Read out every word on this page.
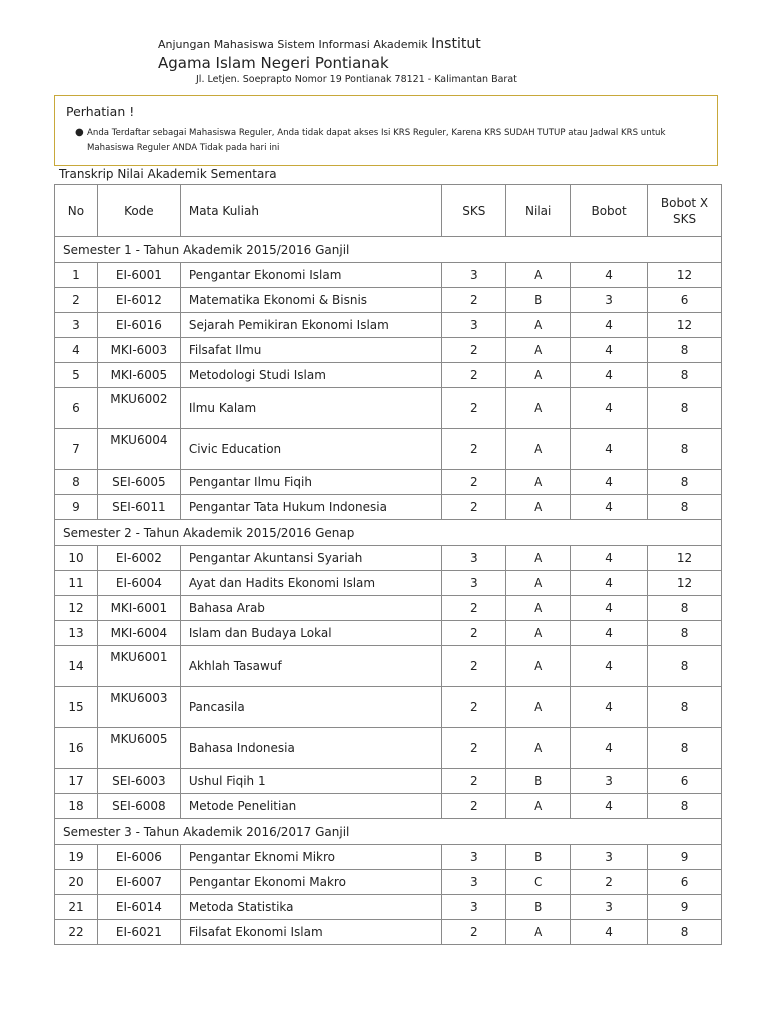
Anjungan Mahasiswa Sistem Informasi Akademik Institut
Agama Islam Negeri Pontianak
Jl. Letjen. Soeprapto Nomor 19 Pontianak 78121 - Kalimantan Barat
Perhatian !
● Anda Terdaftar sebagai Mahasiswa Reguler, Anda tidak dapat akses Isi KRS Reguler, Karena KRS SUDAH TUTUP atau Jadwal KRS untuk Mahasiswa Reguler ANDA Tidak pada hari ini
Transkrip Nilai Akademik Sementara
No	Kode	Mata Kuliah	SKS	Nilai	Bobot	Bobot X
SKS

Semester 1 - Tahun Akademik 2015/2016 Ganjil						
1	EI-6001	Pengantar Ekonomi Islam	3	A	4	12
2	EI-6012	Matematika Ekonomi & Bisnis	2	B	3	6
3	EI-6016	Sejarah Pemikiran Ekonomi Islam	3	A	4	12
4	MKI-6003	Filsafat Ilmu	2	A	4	8
5	MKI-6005	Metodologi Studi Islam	2	A	4	8
6	MKU6002	Ilmu Kalam	2	A	4	8
7	MKU6004	Civic Education	2	A	4	8
8	SEI-6005	Pengantar Ilmu Fiqih	2	A	4	8
9	SEI-6011	Pengantar Tata Hukum Indonesia	2	A	4	8
Semester 2 - Tahun Akademik 2015/2016 Genap						
10	EI-6002	Pengantar Akuntansi Syariah	3	A	4	12
11	EI-6004	Ayat dan Hadits Ekonomi Islam	3	A	4	12
12	MKI-6001	Bahasa Arab	2	A	4	8
13	MKI-6004	Islam dan Budaya Lokal	2	A	4	8
14	MKU6001	Akhlah Tasawuf	2	A	4	8
15	MKU6003	Pancasila	2	A	4	8
16	MKU6005	Bahasa Indonesia	2	A	4	8
17	SEI-6003	Ushul Fiqih 1	2	B	3	6
18	SEI-6008	Metode Penelitian	2	A	4	8
Semester 3 - Tahun Akademik 2016/2017 Ganjil						
19	EI-6006	Pengantar Eknomi Mikro	3	B	3	9
20	EI-6007	Pengantar Ekonomi Makro	3	C	2	6
21	EI-6014	Metoda Statistika	3	B	3	9
22	EI-6021	Filsafat Ekonomi Islam	2	A	4	8
